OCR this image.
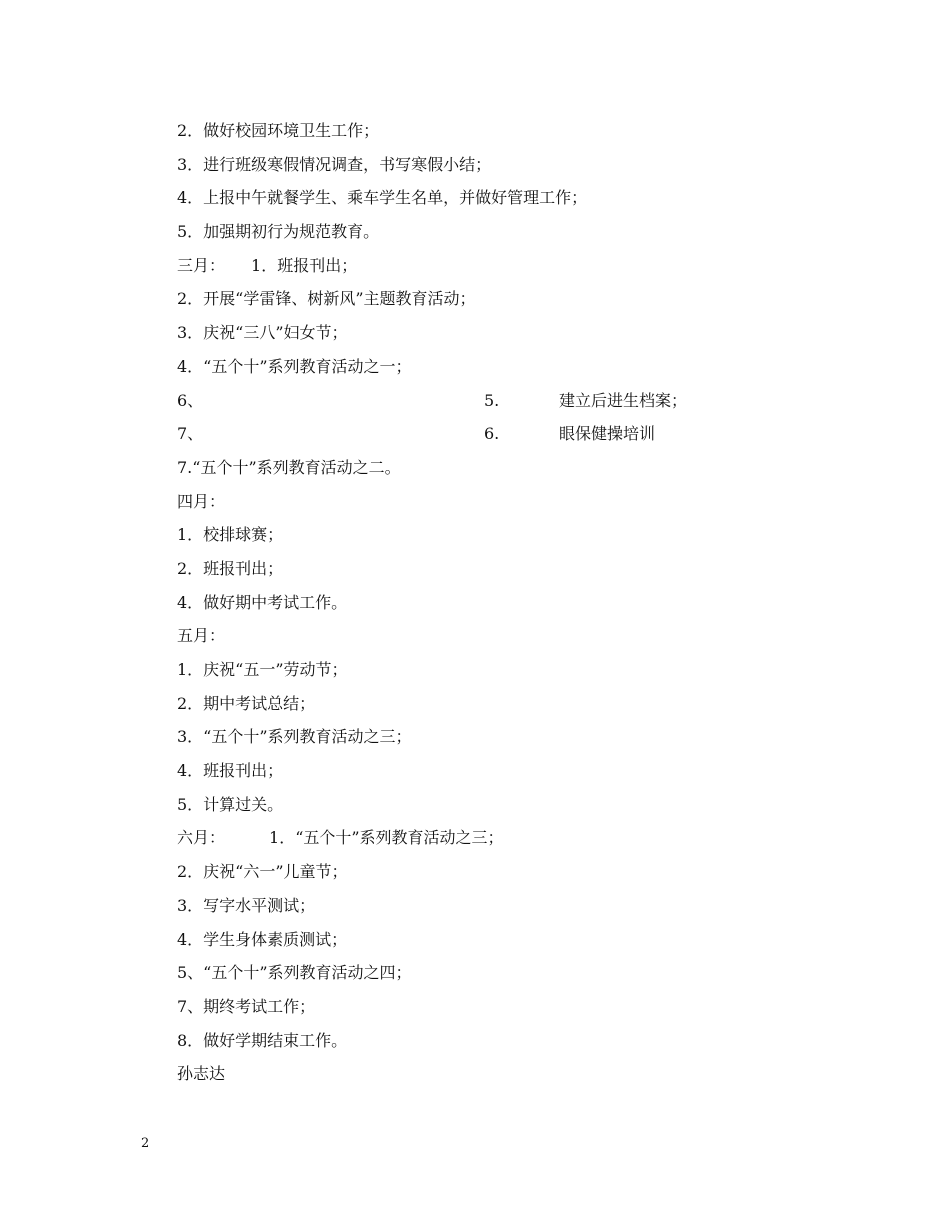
2．做好校园环境卫生工作；
3．进行班级寒假情况调查，书写寒假小结；
4．上报中午就餐学生、乘车学生名单，并做好管理工作；
5．加强期初行为规范教育。
三月： 1．班报刊出；
2．开展“学雷锋、树新风”主题教育活动；
3．庆祝“三八”妇女节；
4．“五个十”系列教育活动之一；
6、	5.	建立后进生档案；
7、	6.	眼保健操培训
7.“五个十”系列教育活动之二。
四月：
1．校排球赛；
2．班报刊出；
4．做好期中考试工作。
五月：
1．庆祝“五一”劳动节；
2．期中考试总结；
3．“五个十”系列教育活动之三；
4．班报刊出；
5．计算过关。
六月：	1．“五个十”系列教育活动之三；
2．庆祝“六一”儿童节；
3．写字水平测试；
4．学生身体素质测试；
5、“五个十”系列教育活动之四；
7、期终考试工作；
8．做好学期结束工作。
孙志达
2
